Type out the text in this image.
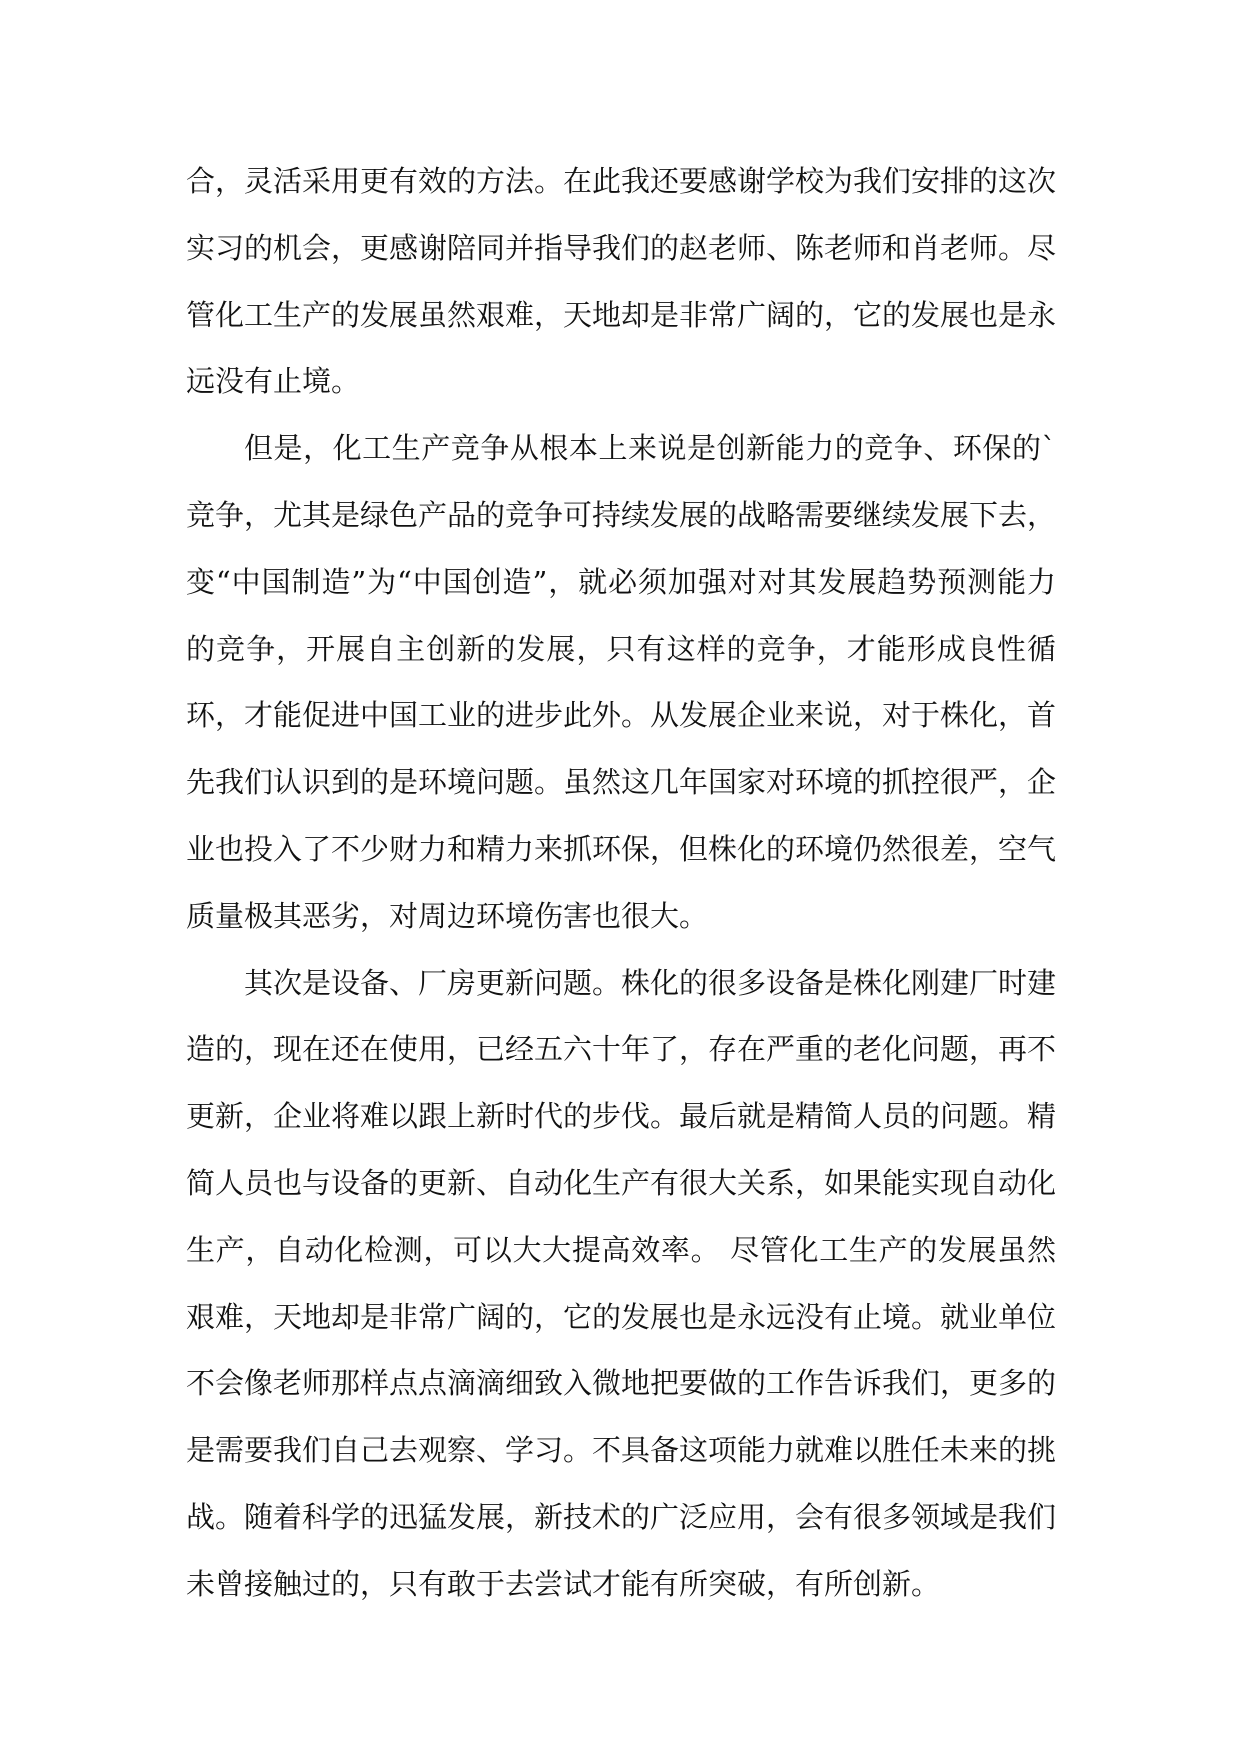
合，灵活采用更有效的方法。在此我还要感谢学校为我们安排的这次实习的机会，更感谢陪同并指导我们的赵老师、陈老师和肖老师。尽管化工生产的发展虽然艰难，天地却是非常广阔的，它的发展也是永远没有止境。

但是，化工生产竞争从根本上来说是创新能力的竞争、环保的`竞争，尤其是绿色产品的竞争可持续发展的战略需要继续发展下去，变“中国制造”为“中国创造”，就必须加强对对其发展趋势预测能力的竞争，开展自主创新的发展，只有这样的竞争，才能形成良性循环，才能促进中国工业的进步此外。从发展企业来说，对于株化，首先我们认识到的是环境问题。虽然这几年国家对环境的抓控很严，企业也投入了不少财力和精力来抓环保，但株化的环境仍然很差，空气质量极其恶劣，对周边环境伤害也很大。

其次是设备、厂房更新问题。株化的很多设备是株化刚建厂时建造的，现在还在使用，已经五六十年了，存在严重的老化问题，再不更新，企业将难以跟上新时代的步伐。最后就是精简人员的问题。精简人员也与设备的更新、自动化生产有很大关系，如果能实现自动化生产，自动化检测，可以大大提高效率。 尽管化工生产的发展虽然艰难，天地却是非常广阔的，它的发展也是永远没有止境。就业单位不会像老师那样点点滴滴细致入微地把要做的工作告诉我们，更多的是需要我们自己去观察、学习。不具备这项能力就难以胜任未来的挑战。随着科学的迅猛发展，新技术的广泛应用，会有很多领域是我们未曾接触过的，只有敢于去尝试才能有所突破，有所创新。
